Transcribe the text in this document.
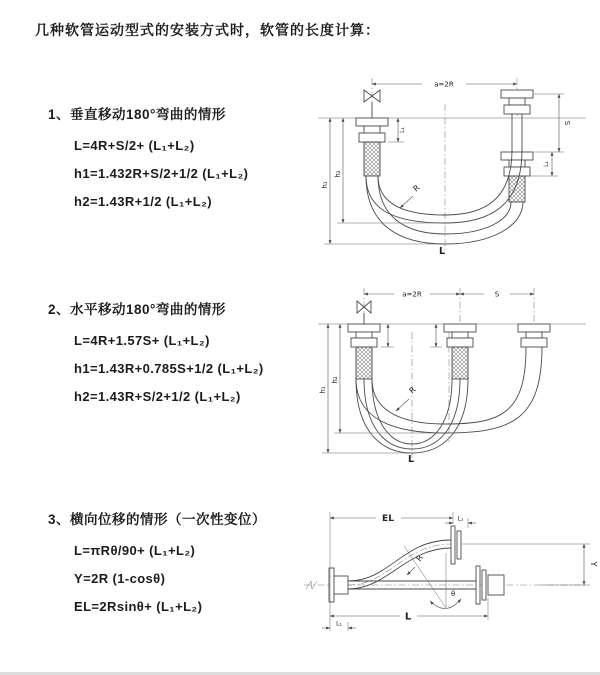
几种软管运动型式的安装方式时，软管的长度计算：
1、垂直移动180°弯曲的情形
L=4R+S/2+ (L₁+L₂)
h1=1.432R+S/2+1/2 (L₁+L₂)
h2=1.43R+1/2 (L₁+L₂)
2、水平移动180°弯曲的情形
L=4R+1.57S+ (L₁+L₂)
h1=1.43R+0.785S+1/2 (L₁+L₂)
h2=1.43R+S/2+1/2 (L₁+L₂)
3、横向位移的情形（一次性变位）
L=πRθ/90+ (L₁+L₂)
Y=2R (1-cosθ)
EL=2Rsinθ+ (L₁+L₂)
a=2R
h₁
h₂
L₁
S
L₁
R
L
a=2R	S
h₁
h₂
R
L
EL	L₁
Y
L
L₁
θ
R
